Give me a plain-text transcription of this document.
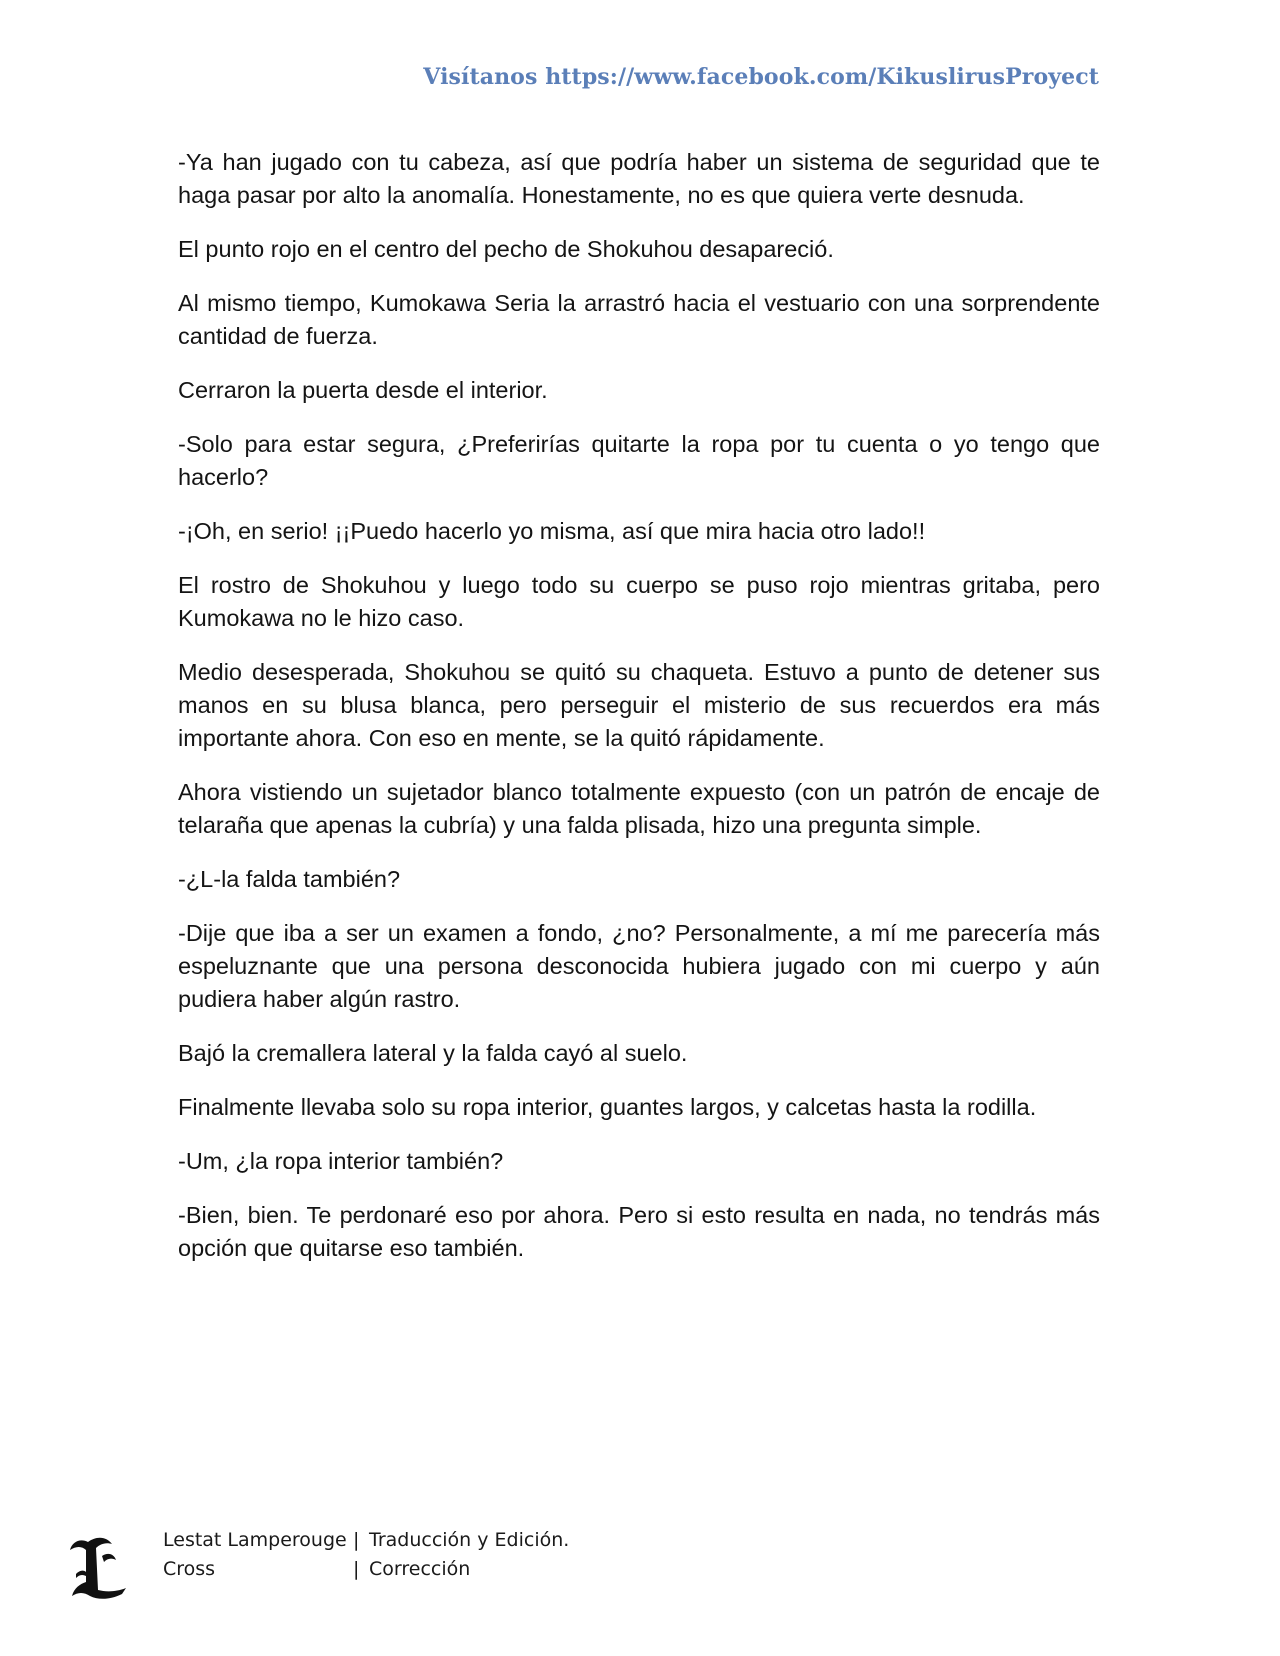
Visítanos https://www.facebook.com/KikuslirusProyect

-Ya han jugado con tu cabeza, así que podría haber un sistema de seguridad que te haga pasar por alto la anomalía. Honestamente, no es que quiera verte desnuda.

El punto rojo en el centro del pecho de Shokuhou desapareció.

Al mismo tiempo, Kumokawa Seria la arrastró hacia el vestuario con una sorprendente cantidad de fuerza.

Cerraron la puerta desde el interior.

-Solo para estar segura, ¿Preferirías quitarte la ropa por tu cuenta o yo tengo que hacerlo?

-¡Oh, en serio! ¡¡Puedo hacerlo yo misma, así que mira hacia otro lado!!

El rostro de Shokuhou y luego todo su cuerpo se puso rojo mientras gritaba, pero Kumokawa no le hizo caso.

Medio desesperada, Shokuhou se quitó su chaqueta. Estuvo a punto de detener sus manos en su blusa blanca, pero perseguir el misterio de sus recuerdos era más importante ahora. Con eso en mente, se la quitó rápidamente.

Ahora vistiendo un sujetador blanco totalmente expuesto (con un patrón de encaje de telaraña que apenas la cubría) y una falda plisada, hizo una pregunta simple.

-¿L-la falda también?

-Dije que iba a ser un examen a fondo, ¿no? Personalmente, a mí me parecería más espeluznante que una persona desconocida hubiera jugado con mi cuerpo y aún pudiera haber algún rastro.

Bajó la cremallera lateral y la falda cayó al suelo.

Finalmente llevaba solo su ropa interior, guantes largos, y calcetas hasta la rodilla.

-Um, ¿la ropa interior también?

-Bien, bien. Te perdonaré eso por ahora. Pero si esto resulta en nada, no tendrás más opción que quitarse eso también.

Lestat Lamperouge | Traducción y Edición.
Cross	| Corrección
